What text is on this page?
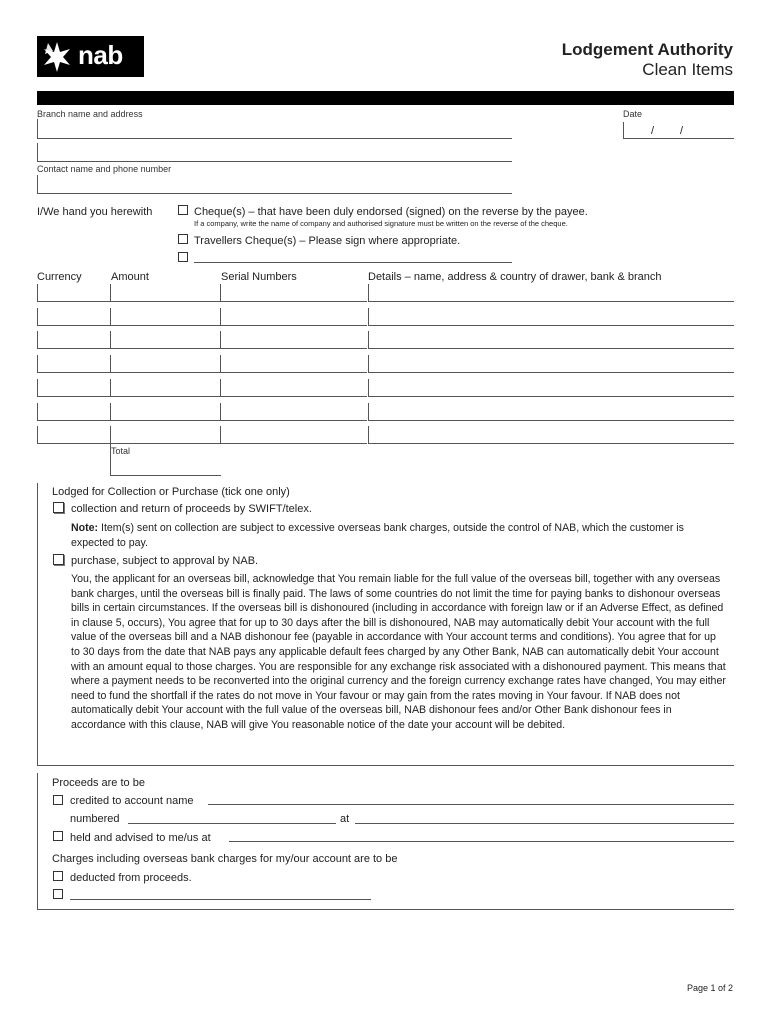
nab	Lodgement Authority
Clean Items
Branch name and address	Date
/ /
Contact name and phone number
I/We hand you herewith	Cheque(s) – that have been duly endorsed (signed) on the reverse by the payee.
If a company, write the name of company and authorised signature must be written on the reverse of the cheque.
Travellers Cheque(s) – Please sign where appropriate.
Currency	Amount	Serial Numbers	Details – name, address & country of drawer, bank & branch
Total
Lodged for Collection or Purchase (tick one only)
collection and return of proceeds by SWIFT/telex.
Note: Item(s) sent on collection are subject to excessive overseas bank charges, outside the control of NAB, which the customer is expected to pay.
purchase, subject to approval by NAB.
You, the applicant for an overseas bill, acknowledge that You remain liable for the full value of the overseas bill, together with any overseas bank charges, until the overseas bill is finally paid. The laws of some countries do not limit the time for paying banks to dishonour overseas bills in certain circumstances. If the overseas bill is dishonoured (including in accordance with foreign law or if an Adverse Effect, as defined in clause 5, occurs), You agree that for up to 30 days after the bill is dishonoured, NAB may automatically debit Your account with the full value of the overseas bill and a NAB dishonour fee (payable in accordance with Your account terms and conditions). You agree that for up to 30 days from the date that NAB pays any applicable default fees charged by any Other Bank, NAB can automatically debit Your account with an amount equal to those charges. You are responsible for any exchange risk associated with a dishonoured payment. This means that where a payment needs to be reconverted into the original currency and the foreign currency exchange rates have changed, You may either need to fund the shortfall if the rates do not move in Your favour or may gain from the rates moving in Your favour. If NAB does not automatically debit Your account with the full value of the overseas bill, NAB dishonour fees and/or Other Bank dishonour fees in accordance with this clause, NAB will give You reasonable notice of the date your account will be debited.
Proceeds are to be
credited to account name
numbered	at
held and advised to me/us at
Charges including overseas bank charges for my/our account are to be
deducted from proceeds.
Page 1 of 2
